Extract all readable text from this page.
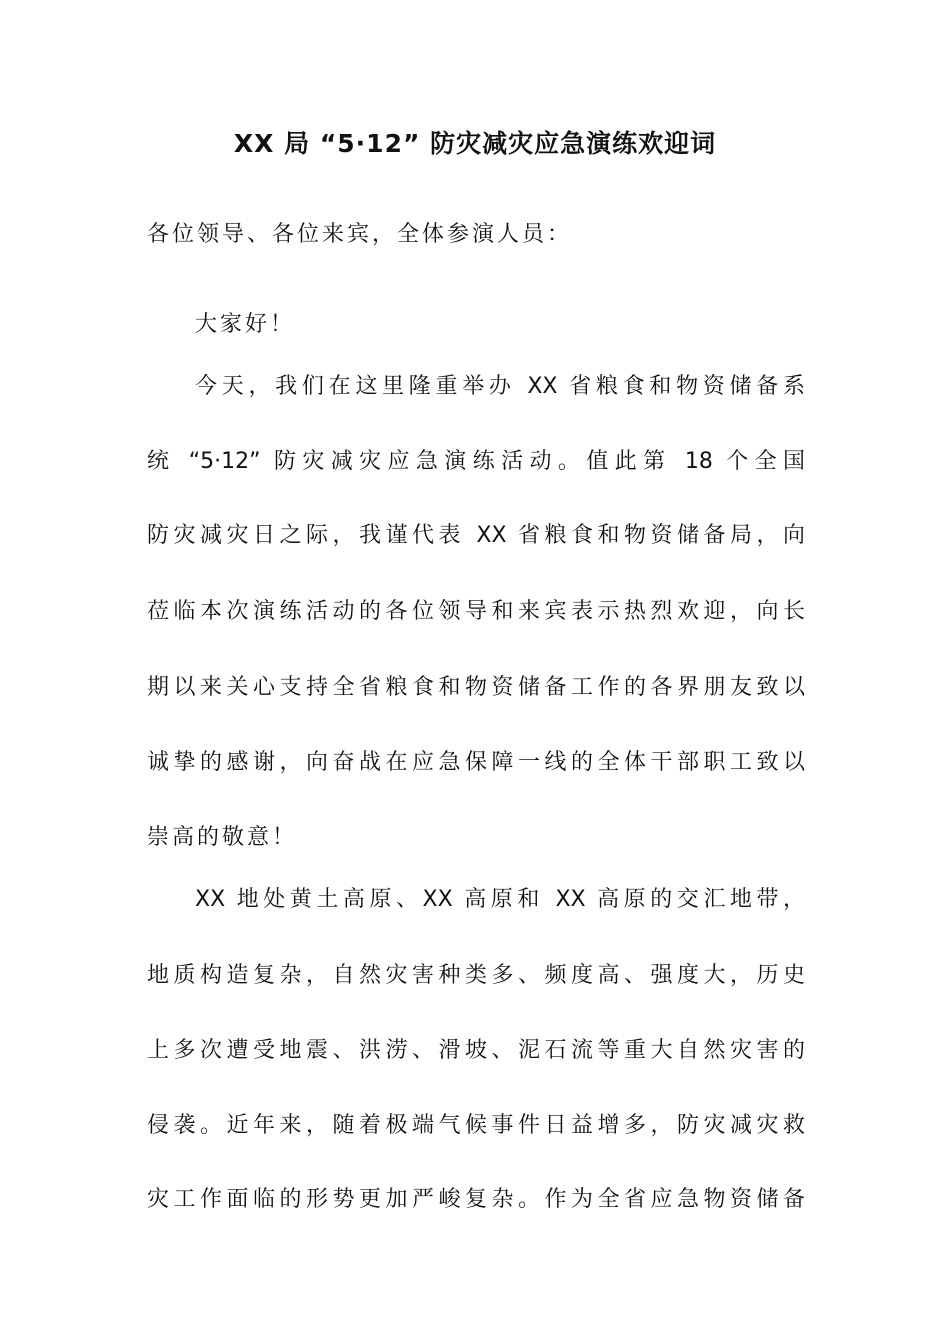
XX 局 “5·12” 防灾减灾应急演练欢迎词
各位领导、各位来宾，全体参演人员：
大家好！
今天，我们在这里隆重举办 XX 省粮食和物资储备系
统 “5·12” 防灾减灾应急演练活动。值此第 18 个全国
防灾减灾日之际，我谨代表 XX 省粮食和物资储备局，向
莅临本次演练活动的各位领导和来宾表示热烈欢迎，向长
期以来关心支持全省粮食和物资储备工作的各界朋友致以
诚挚的感谢，向奋战在应急保障一线的全体干部职工致以
崇高的敬意！
XX 地处黄土高原、XX 高原和 XX 高原的交汇地带，
地质构造复杂，自然灾害种类多、频度高、强度大，历史
上多次遭受地震、洪涝、滑坡、泥石流等重大自然灾害的
侵袭。近年来，随着极端气候事件日益增多，防灾减灾救
灾工作面临的形势更加严峻复杂。作为全省应急物资储备
